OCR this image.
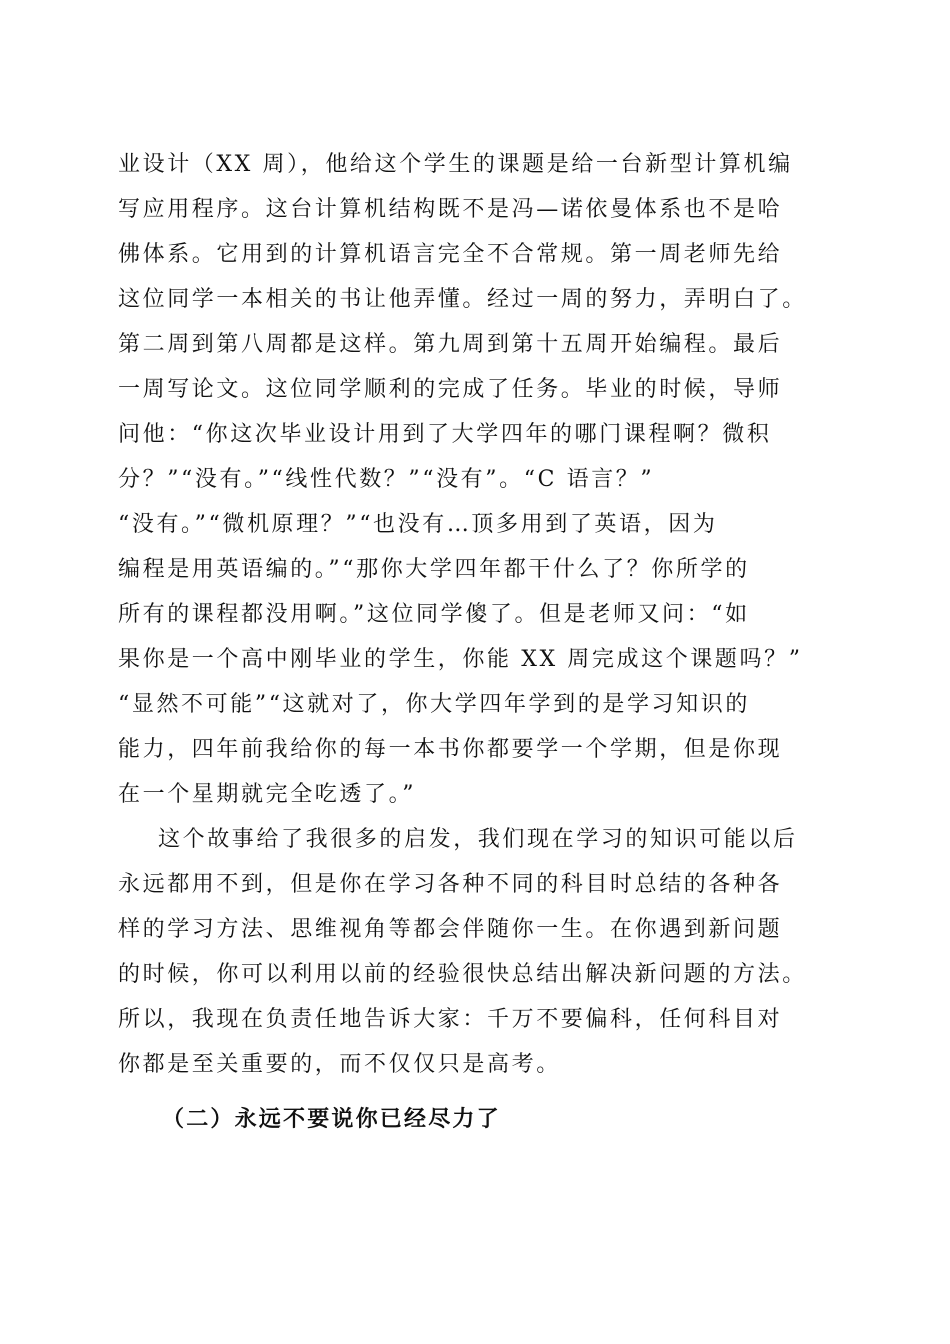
业设计（XX 周），他给这个学生的课题是给一台新型计算机编
写应用程序。这台计算机结构既不是冯—诺依曼体系也不是哈
佛体系。它用到的计算机语言完全不合常规。第一周老师先给
这位同学一本相关的书让他弄懂。经过一周的努力，弄明白了。
第二周到第八周都是这样。第九周到第十五周开始编程。最后
一周写论文。这位同学顺利的完成了任务。毕业的时候，导师
问他：“你这次毕业设计用到了大学四年的哪门课程啊？微积
分？”“没有。”“线性代数？”“没有”。“C 语言？”
“没有。”“微机原理？”“也没有…顶多用到了英语，因为
编程是用英语编的。”“那你大学四年都干什么了？你所学的
所有的课程都没用啊。”这位同学傻了。但是老师又问：“如
果你是一个高中刚毕业的学生，你能 XX 周完成这个课题吗？”
“显然不可能”“这就对了，你大学四年学到的是学习知识的
能力，四年前我给你的每一本书你都要学一个学期，但是你现
在一个星期就完全吃透了。”
这个故事给了我很多的启发，我们现在学习的知识可能以后
永远都用不到，但是你在学习各种不同的科目时总结的各种各
样的学习方法、思维视角等都会伴随你一生。在你遇到新问题
的时候，你可以利用以前的经验很快总结出解决新问题的方法。
所以，我现在负责任地告诉大家：千万不要偏科，任何科目对
你都是至关重要的，而不仅仅只是高考。
（二）永远不要说你已经尽力了
